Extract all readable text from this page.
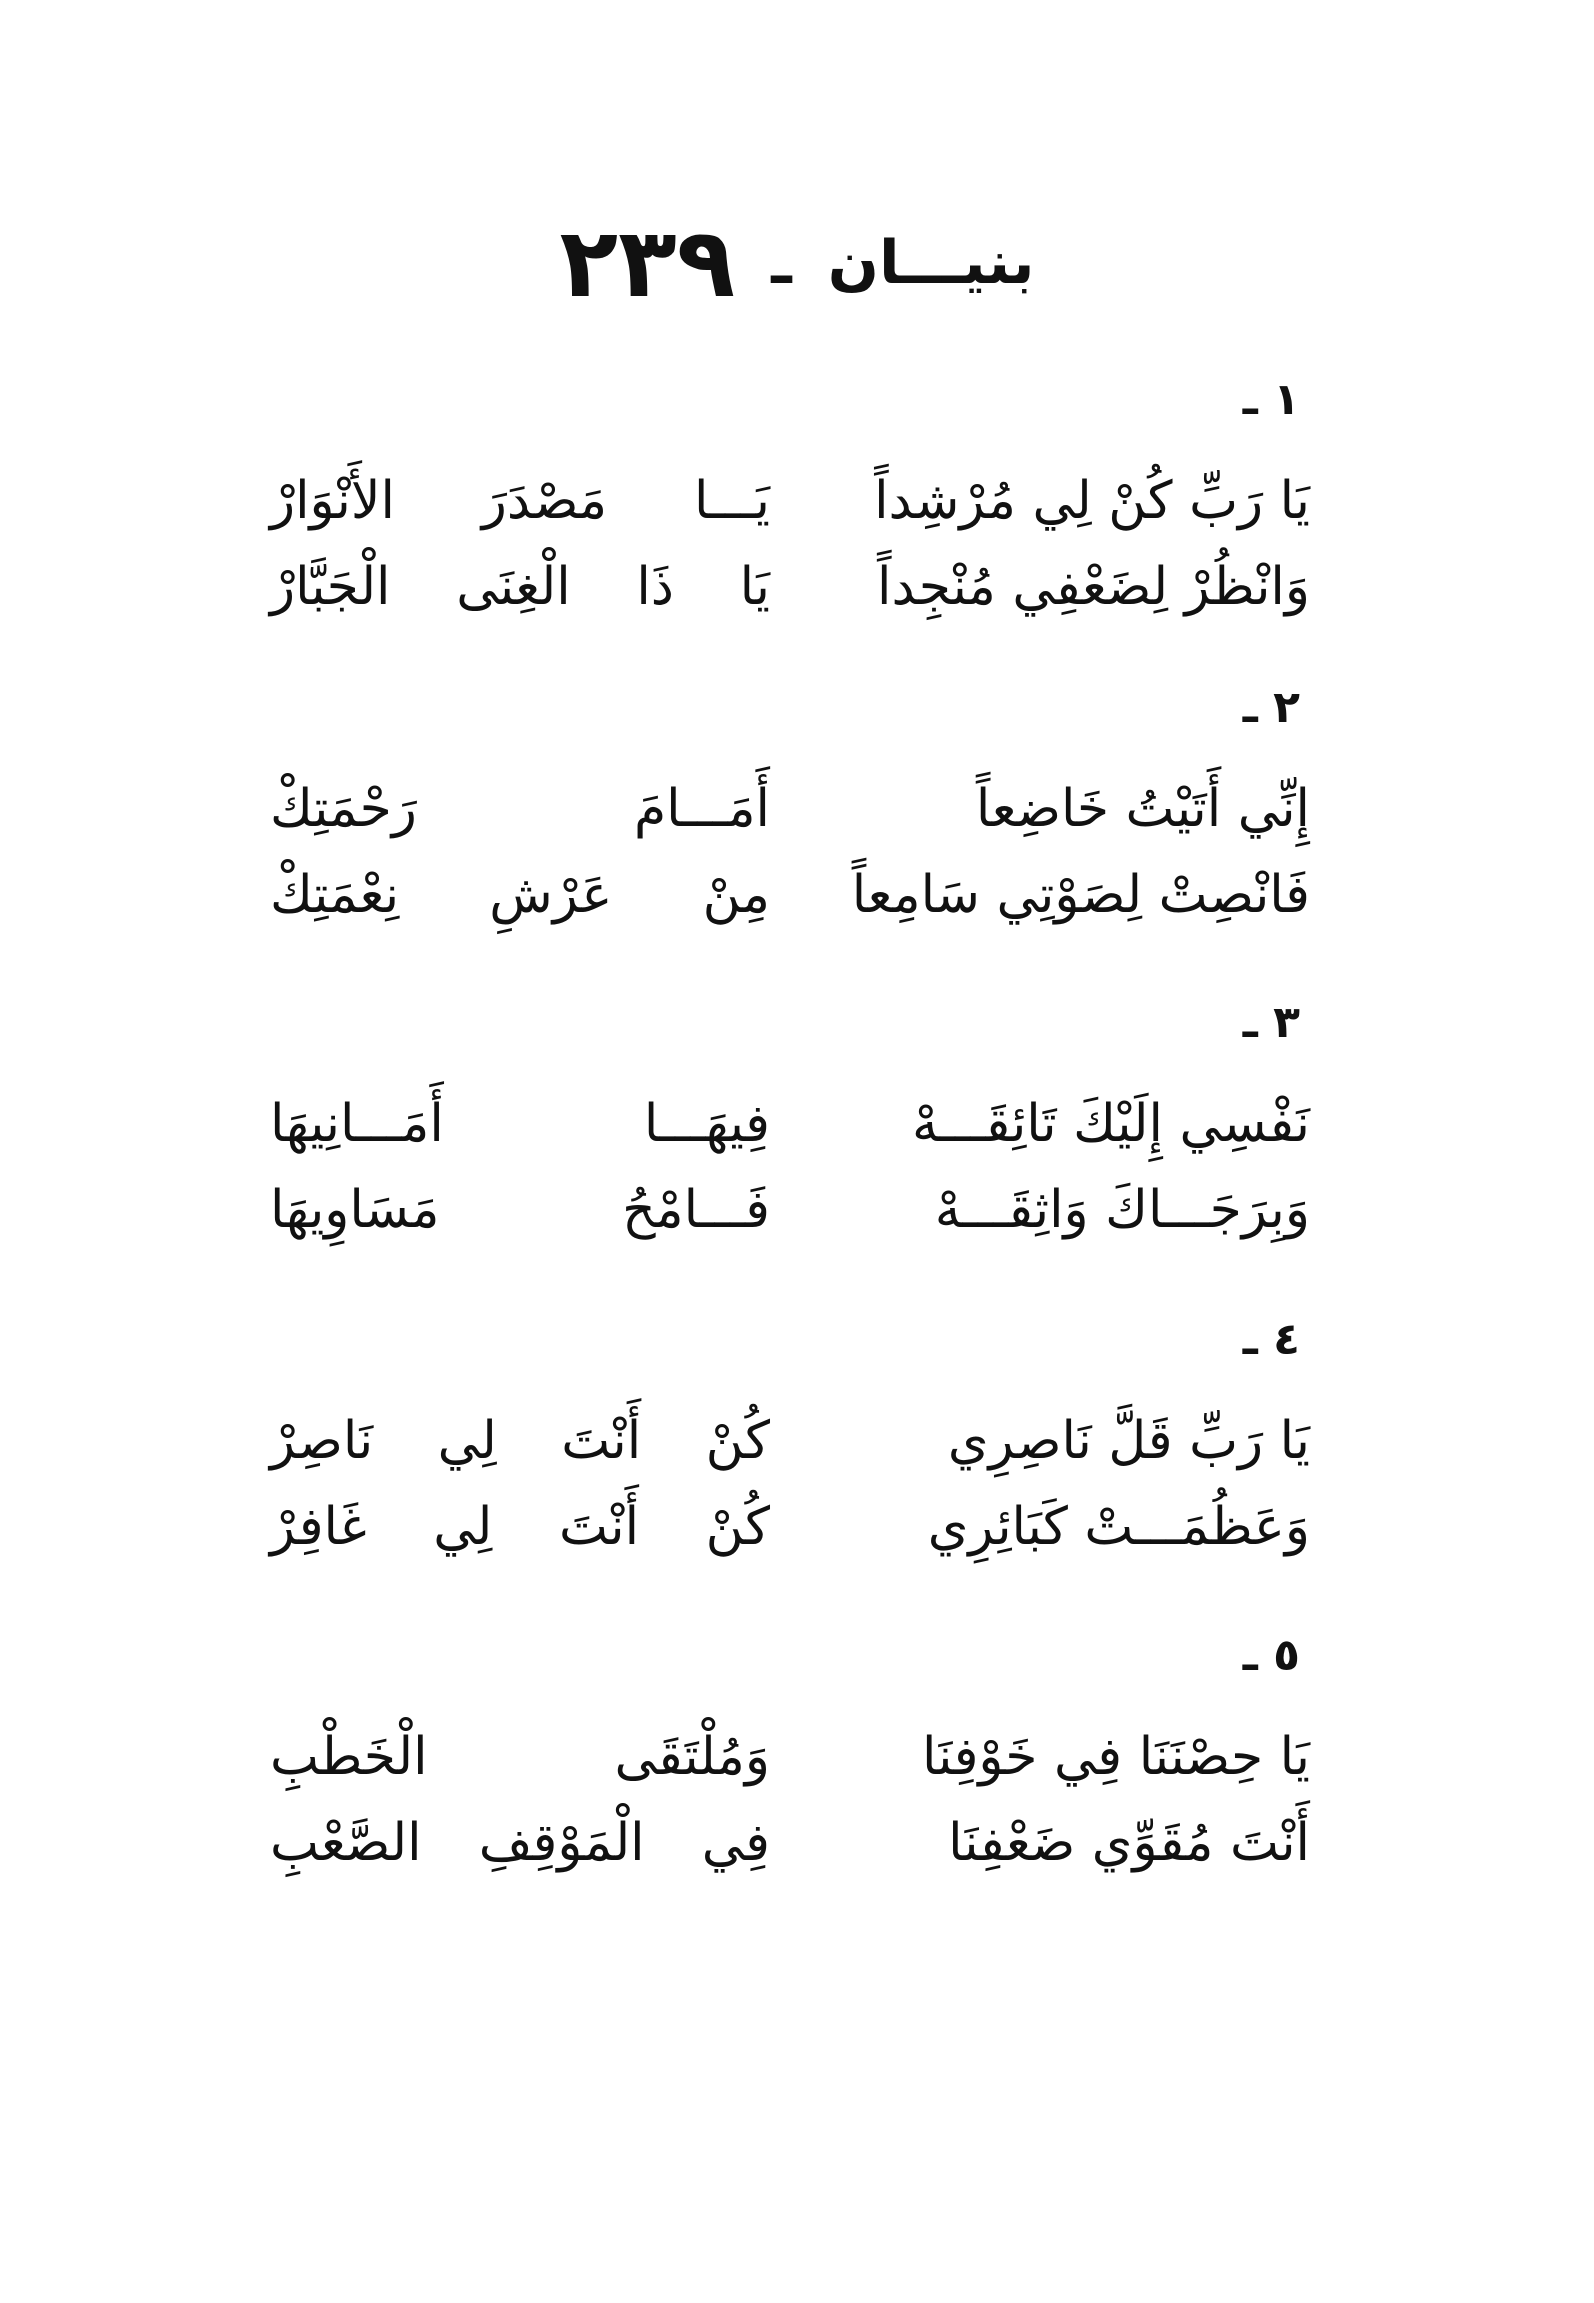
بنيـــان
ـ
٢٣٩
١ ـ
يَا رَبِّ كُنْ لِي مُرْشِداً
يَـــا مَصْدَرَ الأَنْوَارْ
وَانْظُرْ لِضَعْفِي مُنْجِداً
يَا ذَا الْغِنَى الْجَبَّارْ
٢ ـ
إِنِّي أَتَيْتُ خَاضِعاً
أَمَـــامَ رَحْمَتِكْ
فَانْصِتْ لِصَوْتِي سَامِعاً
مِنْ عَرْشِ نِعْمَتِكْ
٣ ـ
نَفْسِي إِلَيْكَ تَائِقَـــهْ
فِيهَـــا أَمَـــانِيهَا
وَبِرَجَـــاكَ وَاثِقَـــهْ
فَـــامْحُ مَسَاوِيهَا
٤ ـ
يَا رَبِّ قَلَّ نَاصِرِي
كُنْ أَنْتَ لِي نَاصِرْ
وَعَظُمَـــتْ كَبَائِرِي
كُنْ أَنْتَ لِي غَافِرْ
٥ ـ
يَا حِصْنَنَا فِي خَوْفِنَا
وَمُلْتَقَى الْخَطْبِ
أَنْتَ مُقَوِّي ضَعْفِنَا
فِي الْمَوْقِفِ الصَّعْبِ
